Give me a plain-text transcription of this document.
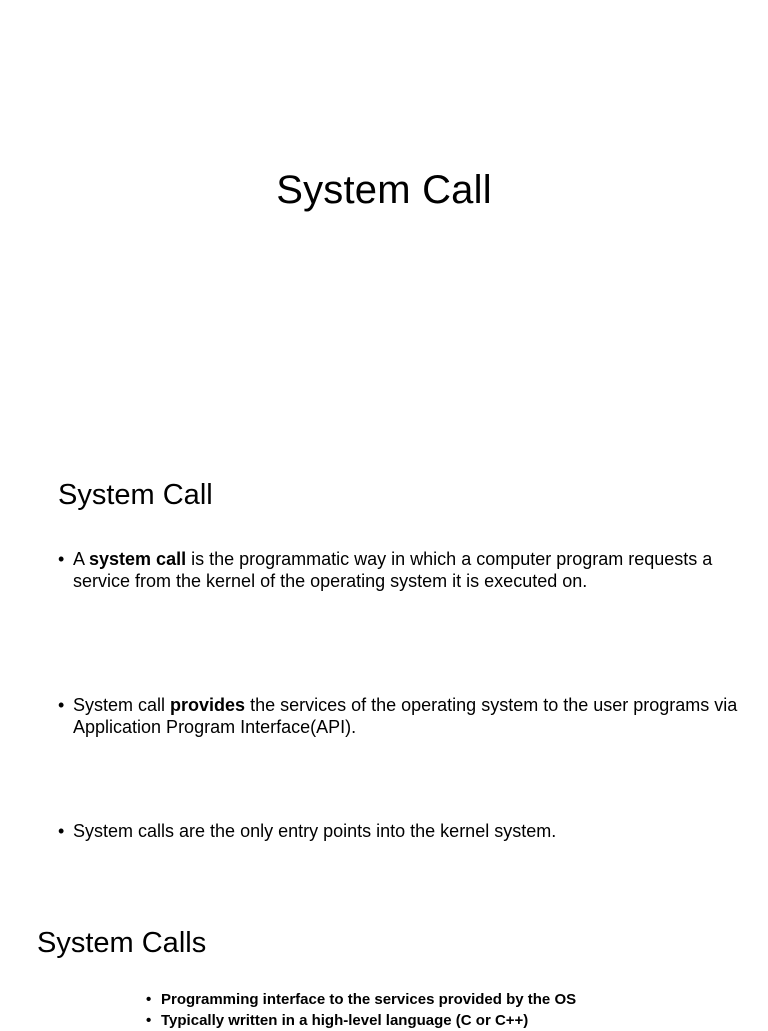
System Call
System Call
• A system call is the programmatic way in which a computer program requests a service from the kernel of the operating system it is executed on.
• System call provides the services of the operating system to the user programs via Application Program Interface(API).
• System calls are the only entry points into the kernel system.
System Calls
• Programming interface to the services provided by the OS
• Typically written in a high-level language (C or C++)
